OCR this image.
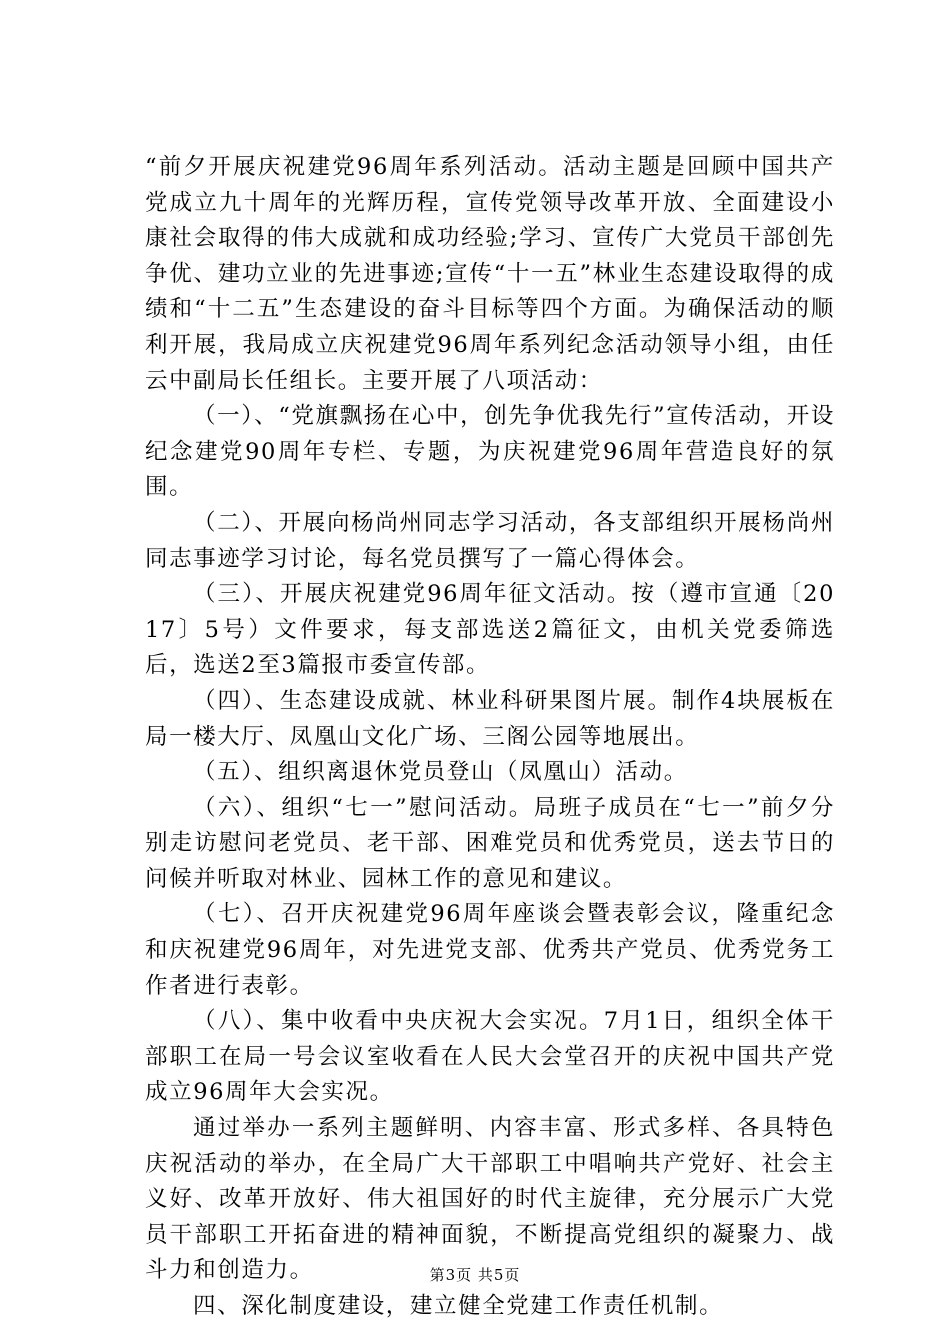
“前夕开展庆祝建党96周年系列活动。活动主题是回顾中国共产党成立九十周年的光辉历程，宣传党领导改革开放、全面建设小康社会取得的伟大成就和成功经验;学习、宣传广大党员干部创先争优、建功立业的先进事迹;宣传“十一五”林业生态建设取得的成绩和“十二五”生态建设的奋斗目标等四个方面。为确保活动的顺利开展，我局成立庆祝建党96周年系列纪念活动领导小组，由任云中副局长任组长。主要开展了八项活动：

（一）、“党旗飘扬在心中，创先争优我先行”宣传活动，开设纪念建党90周年专栏、专题，为庆祝建党96周年营造良好的氛围。

（二）、开展向杨尚州同志学习活动，各支部组织开展杨尚州同志事迹学习讨论，每名党员撰写了一篇心得体会。

（三）、开展庆祝建党96周年征文活动。按（遵市宣通〔2017〕5号）文件要求，每支部选送2篇征文，由机关党委筛选后，选送2至3篇报市委宣传部。

（四）、生态建设成就、林业科研果图片展。制作4块展板在局一楼大厅、凤凰山文化广场、三阁公园等地展出。

（五）、组织离退休党员登山（凤凰山）活动。

（六）、组织“七一”慰问活动。局班子成员在“七一”前夕分别走访慰问老党员、老干部、困难党员和优秀党员，送去节日的问候并听取对林业、园林工作的意见和建议。

（七）、召开庆祝建党96周年座谈会暨表彰会议，隆重纪念和庆祝建党96周年，对先进党支部、优秀共产党员、优秀党务工作者进行表彰。

（八）、集中收看中央庆祝大会实况。7月1日，组织全体干部职工在局一号会议室收看在人民大会堂召开的庆祝中国共产党成立96周年大会实况。

通过举办一系列主题鲜明、内容丰富、形式多样、各具特色庆祝活动的举办，在全局广大干部职工中唱响共产党好、社会主义好、改革开放好、伟大祖国好的时代主旋律，充分展示广大党员干部职工开拓奋进的精神面貌，不断提高党组织的凝聚力、战斗力和创造力。

四、深化制度建设，建立健全党建工作责任机制。

第3页 共5页
